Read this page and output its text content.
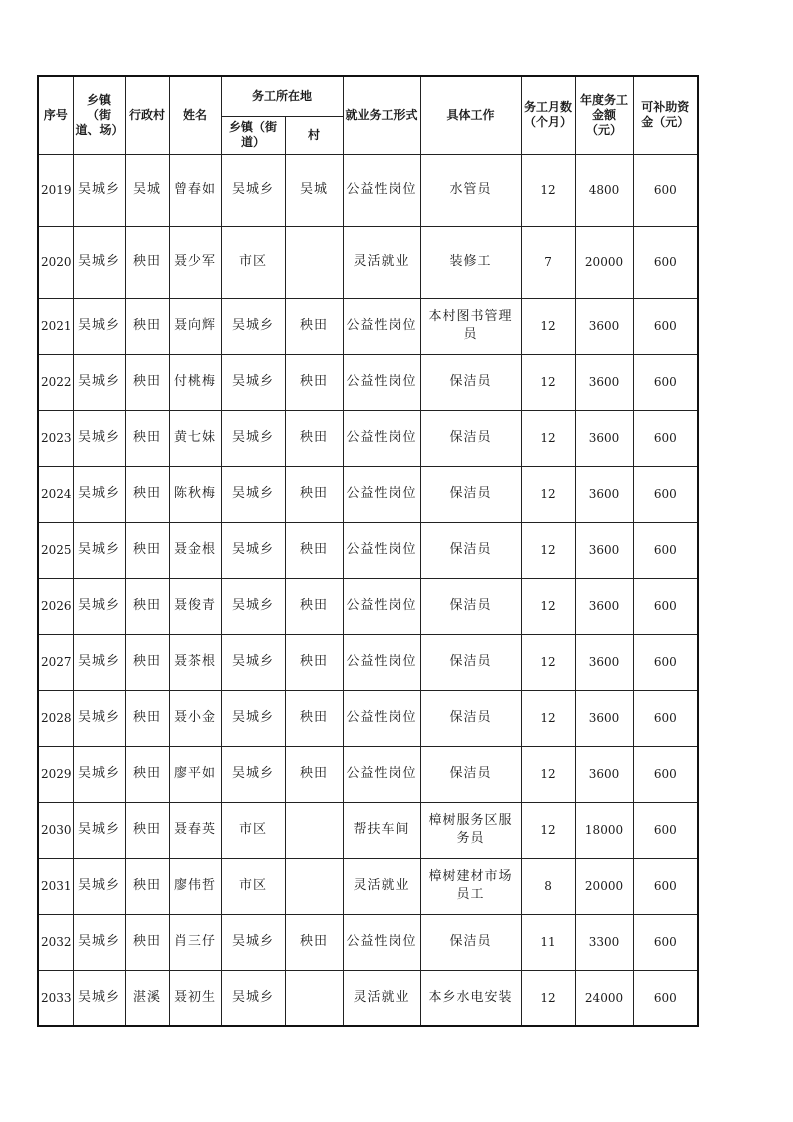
序号	乡镇（街道、场）	行政村	姓名	务工所在地		就业务工形式	具体工作	务工月数（个月）	年度务工金额（元）	可补助资金（元）
				乡镇（街道）	村					
2019	吴城乡	吴城	曾春如	吴城乡	吴城	公益性岗位	水管员	12	4800	600
2020	吴城乡	秧田	聂少军	市区		灵活就业	装修工	7	20000	600
2021	吴城乡	秧田	聂向辉	吴城乡	秧田	公益性岗位	本村图书管理员	12	3600	600
2022	吴城乡	秧田	付桃梅	吴城乡	秧田	公益性岗位	保洁员	12	3600	600
2023	吴城乡	秧田	黄七妹	吴城乡	秧田	公益性岗位	保洁员	12	3600	600
2024	吴城乡	秧田	陈秋梅	吴城乡	秧田	公益性岗位	保洁员	12	3600	600
2025	吴城乡	秧田	聂金根	吴城乡	秧田	公益性岗位	保洁员	12	3600	600
2026	吴城乡	秧田	聂俊青	吴城乡	秧田	公益性岗位	保洁员	12	3600	600
2027	吴城乡	秧田	聂茶根	吴城乡	秧田	公益性岗位	保洁员	12	3600	600
2028	吴城乡	秧田	聂小金	吴城乡	秧田	公益性岗位	保洁员	12	3600	600
2029	吴城乡	秧田	廖平如	吴城乡	秧田	公益性岗位	保洁员	12	3600	600
2030	吴城乡	秧田	聂春英	市区		帮扶车间	樟树服务区服务员	12	18000	600
2031	吴城乡	秧田	廖伟哲	市区		灵活就业	樟树建材市场员工	8	20000	600
2032	吴城乡	秧田	肖三仔	吴城乡	秧田	公益性岗位	保洁员	11	3300	600
2033	吴城乡	湛溪	聂初生	吴城乡		灵活就业	本乡水电安装	12	24000	600
